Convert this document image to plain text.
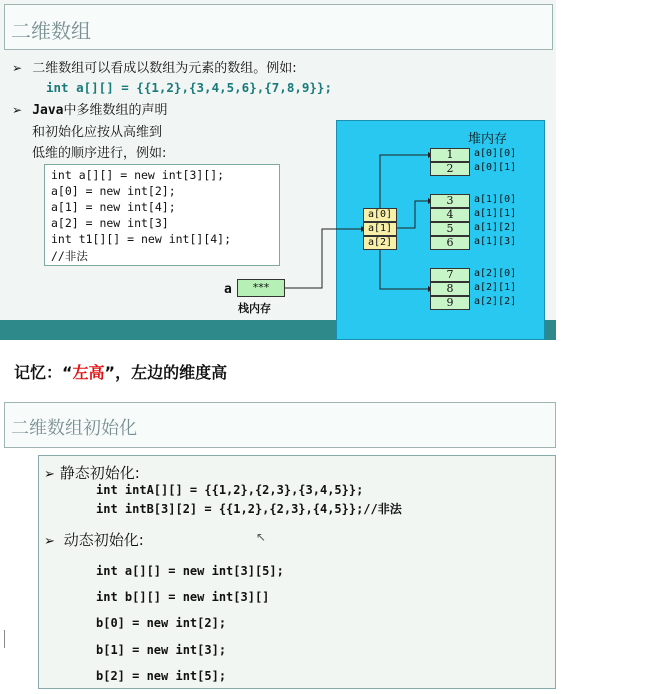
二维数组
➢ 二维数组可以看成以数组为元素的数组。例如:
int a[][] = {{1,2},{3,4,5,6},{7,8,9}};
➢ Java中多维数组的声明
和初始化应按从高维到
低维的顺序进行，例如:
int a[][] = new int[3][];
a[0] = new int[2];
a[1] = new int[4];
a[2] = new int[3]
int t1[][] = new int[][4];
//非法
堆内存
a	***
栈内存
a[0]
a[1]
a[2]
1
2
a[0][0]
a[0][1]
3
4
5
6
a[1][0]
a[1][1]
a[1][2]
a[1][3]
7
8
9
a[2][0]
a[2][1]
a[2][2]
记忆：“左高”，左边的维度高
二维数组初始化
➢ 静态初始化:
int intA[][] = {{1,2},{2,3},{3,4,5}};
int intB[3][2] = {{1,2},{2,3},{4,5}};//非法
➢ 动态初始化:	↖
int a[][] = new int[3][5];
int b[][] = new int[3][]
b[0] = new int[2];
b[1] = new int[3];
b[2] = new int[5];
